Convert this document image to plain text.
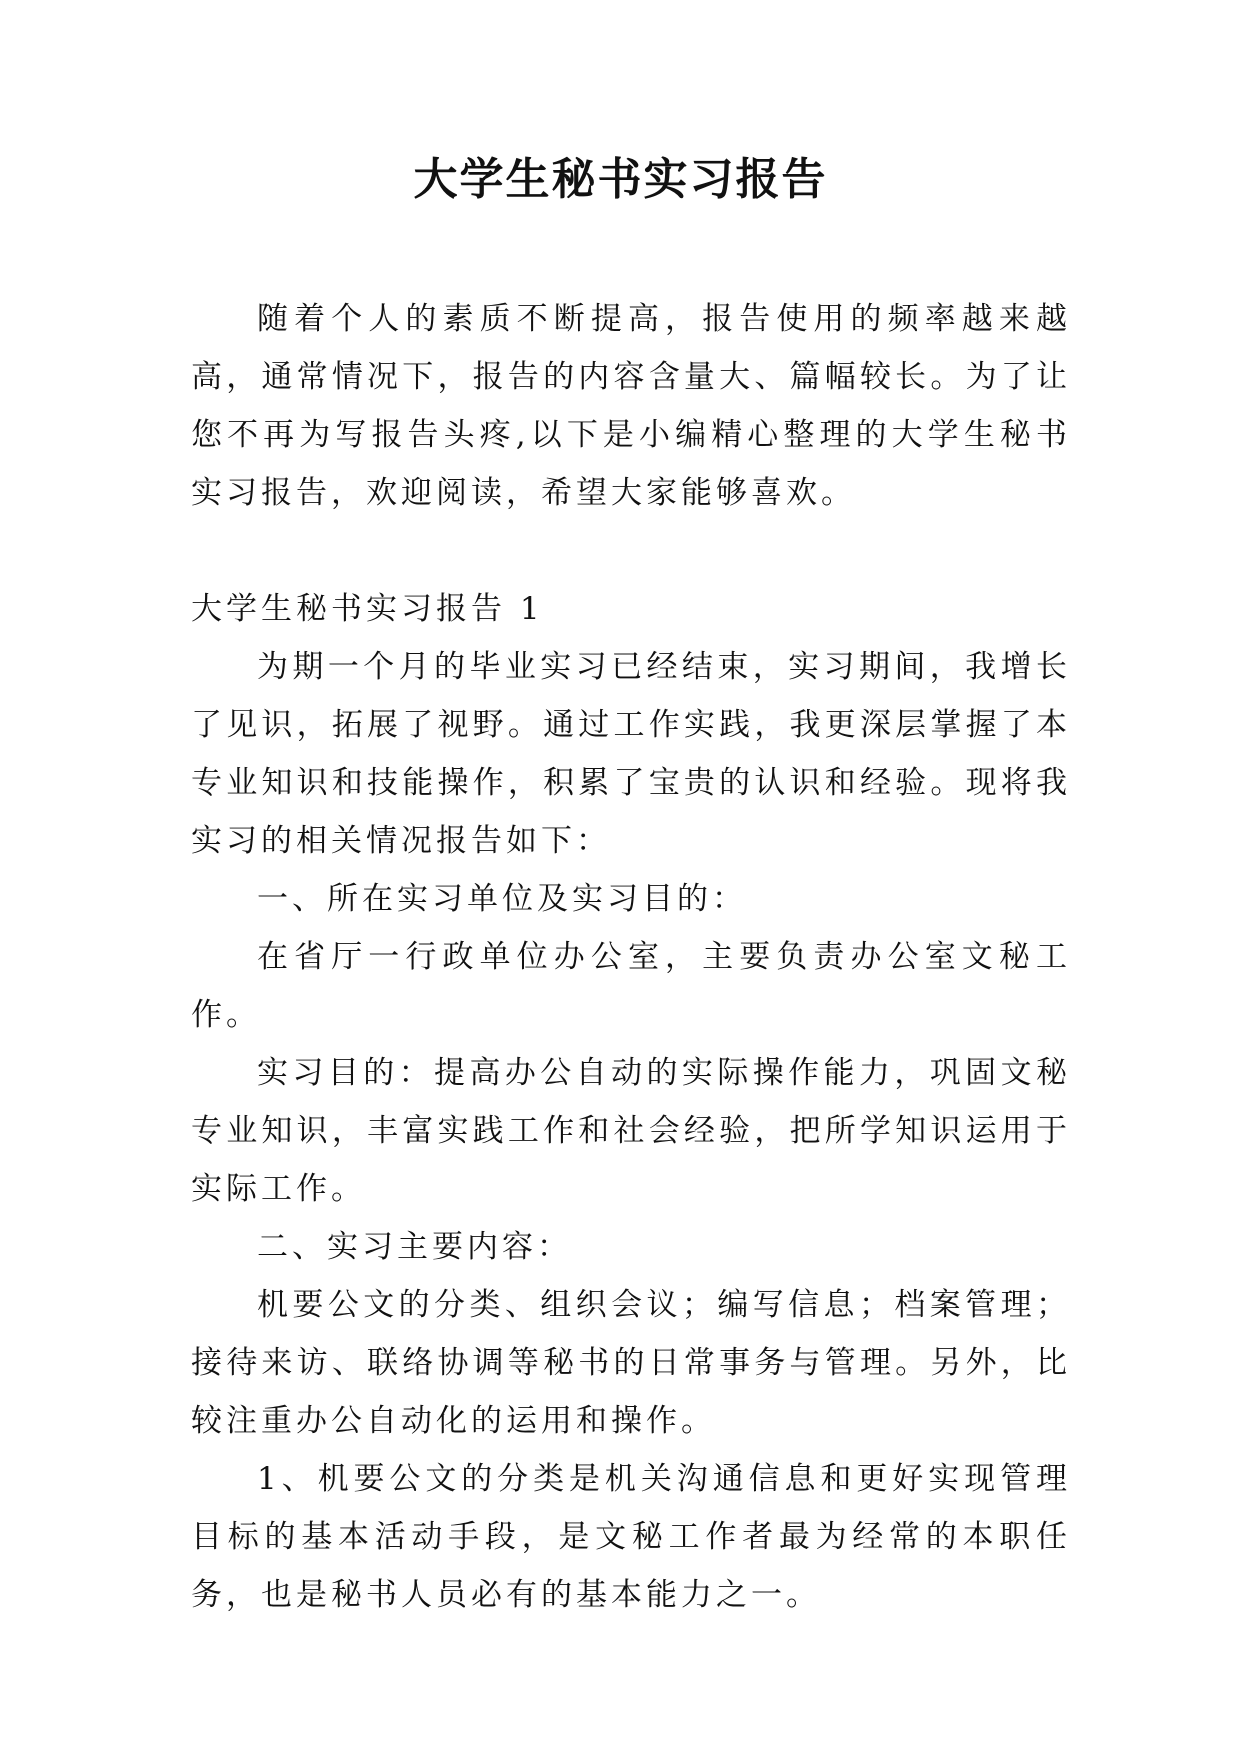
大学生秘书实习报告

随着个人的素质不断提高，报告使用的频率越来越高，通常情况下，报告的内容含量大、篇幅较长。为了让您不再为写报告头疼,以下是小编精心整理的大学生秘书实习报告，欢迎阅读，希望大家能够喜欢。

大学生秘书实习报告 1

为期一个月的毕业实习已经结束，实习期间，我增长了见识，拓展了视野。通过工作实践，我更深层掌握了本专业知识和技能操作，积累了宝贵的认识和经验。现将我实习的相关情况报告如下：

一、所在实习单位及实习目的：

在省厅一行政单位办公室，主要负责办公室文秘工作。

实习目的：提高办公自动的实际操作能力，巩固文秘专业知识，丰富实践工作和社会经验，把所学知识运用于实际工作。

二、实习主要内容：

机要公文的分类、组织会议；编写信息；档案管理；接待来访、联络协调等秘书的日常事务与管理。另外，比较注重办公自动化的运用和操作。

1、机要公文的分类是机关沟通信息和更好实现管理目标的基本活动手段，是文秘工作者最为经常的本职任务，也是秘书人员必有的基本能力之一。
